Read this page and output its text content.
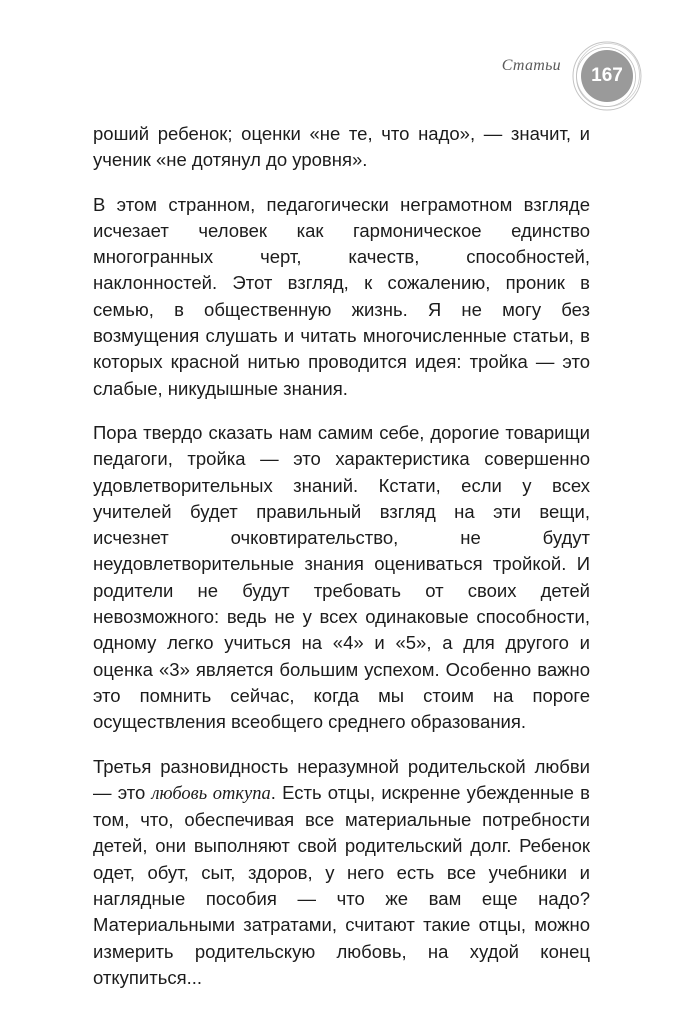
Статьи	167

роший ребенок; оценки «не те, что надо», — значит, и ученик «не дотянул до уровня».

В этом странном, педагогически неграмотном взгляде исчезает человек как гармоническое единство многогранных черт, качеств, способностей, наклонностей. Этот взгляд, к сожалению, проник в семью, в общественную жизнь. Я не могу без возмущения слушать и читать многочисленные статьи, в которых красной нитью проводится идея: тройка — это слабые, никудышные знания.

Пора твердо сказать нам самим себе, дорогие товарищи педагоги, тройка — это характеристика совершенно удовлетворительных знаний. Кстати, если у всех учителей будет правильный взгляд на эти вещи, исчезнет очковтирательство, не будут неудовлетворительные знания оцениваться тройкой. И родители не будут требовать от своих детей невозможного: ведь не у всех одинаковые способности, одному легко учиться на «4» и «5», а для другого и оценка «3» является большим успехом. Особенно важно это помнить сейчас, когда мы стоим на пороге осуществления всеобщего среднего образования.

Третья разновидность неразумной родительской любви — это любовь откупа. Есть отцы, искренне убежденные в том, что, обеспечивая все материальные потребности детей, они выполняют свой родительский долг. Ребенок одет, обут, сыт, здоров, у него есть все учебники и наглядные пособия — что же вам еще надо? Материальными затратами, считают такие отцы, можно измерить родительскую любовь, на худой конец откупиться...
